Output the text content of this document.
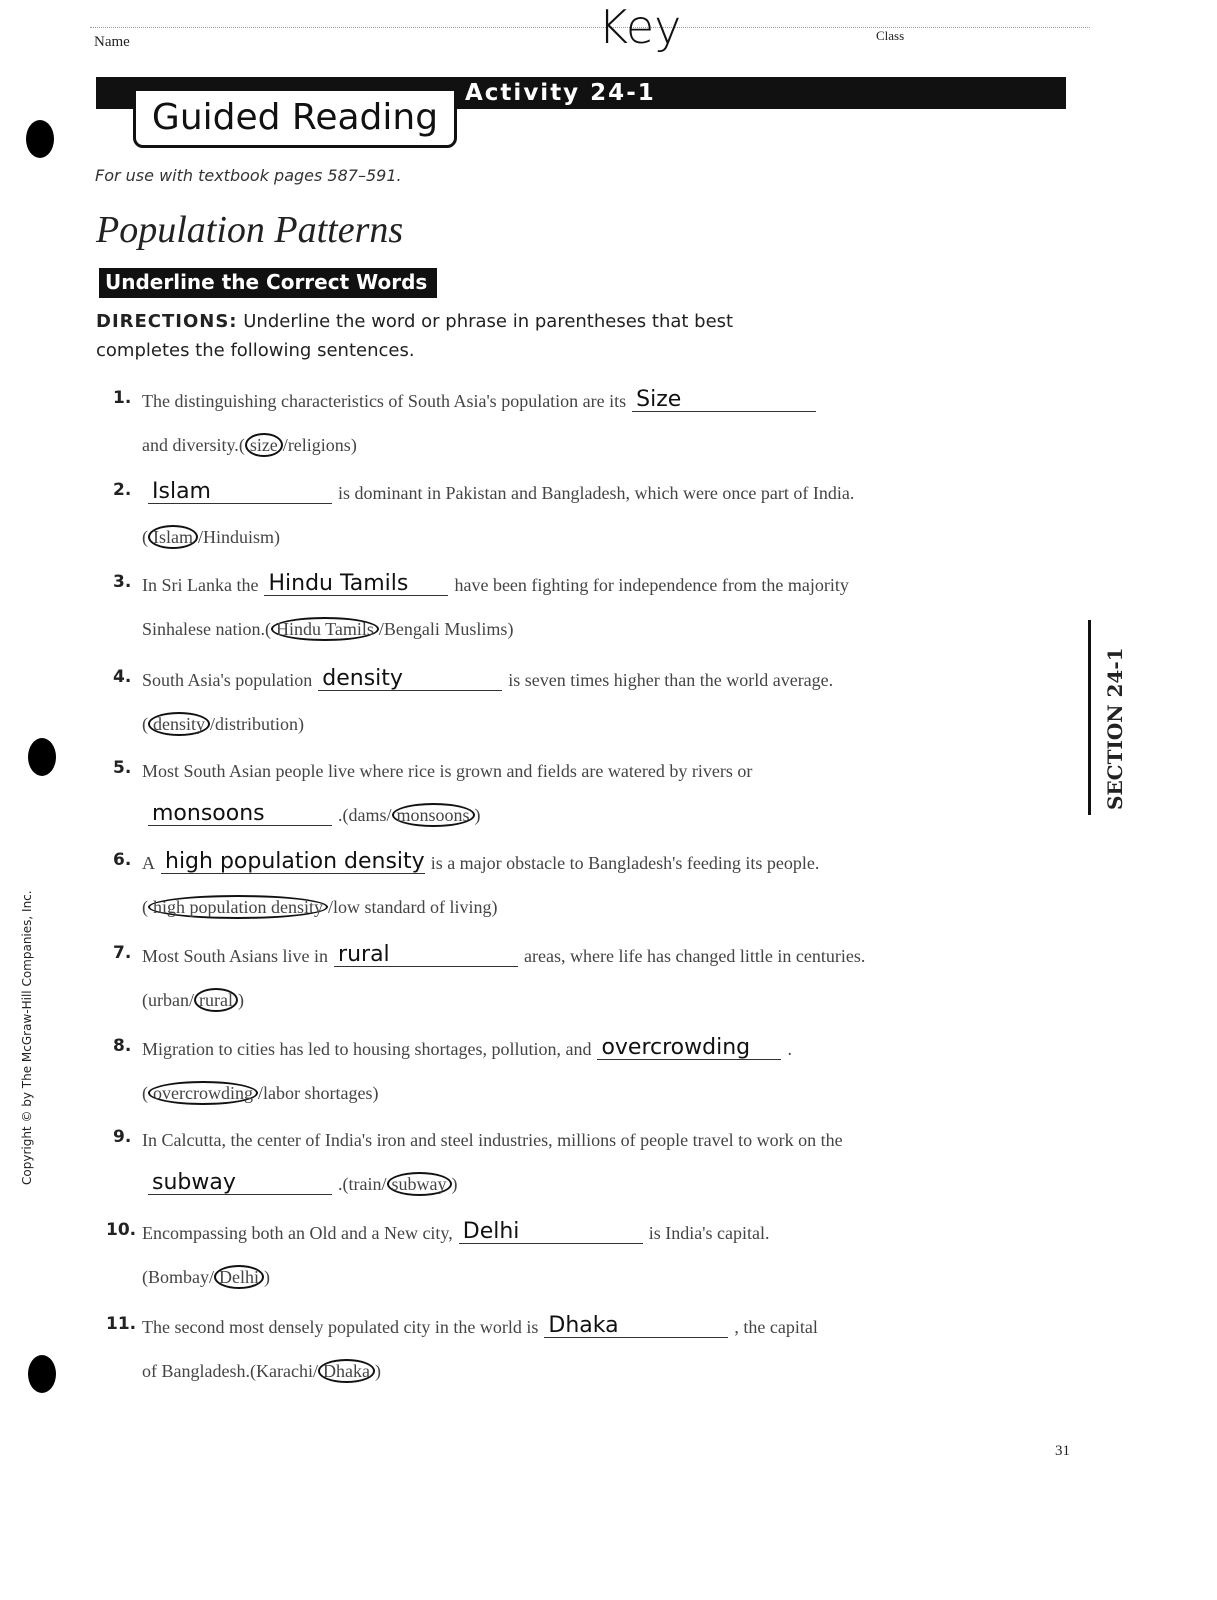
Name	Key	Class
Guided Reading
Activity 24-1
For use with textbook pages 587–591.
Population Patterns
Underline the Correct Words
DIRECTIONS: Underline the word or phrase in parentheses that best completes the following sentences.
SECTION 24-1
Copyright © by The McGraw-Hill Companies, Inc.
31
1. The distinguishing characteristics of South Asia's population are its Size
and diversity. ( size /religions)
2. Islam	is dominant in Pakistan and Bangladesh, which were once part of India.
( Islam /Hinduism)
3. In Sri Lanka the Hindu Tamils	have been fighting for independence from the majority
Sinhalese nation. ( Hindu Tamils /Bengali Muslims)
4. South Asia's population density	is seven times higher than the world average.
( density /distribution)
5. Most South Asian people live where rice is grown and fields are watered by rivers or
monsoons	. (dams/ monsoons )
6. A high population density is a major obstacle to Bangladesh's feeding its people.
( high population density /low standard of living)
7. Most South Asians live in rural	areas, where life has changed little in centuries.
(urban/ rural )
8. Migration to cities has led to housing shortages, pollution, and overcrowding	.
( overcrowding /labor shortages)
9. In Calcutta, the center of India's iron and steel industries, millions of people travel to work on the
subway	. (train/ subway )
10. Encompassing both an Old and a New city, Delhi	is India's capital.
(Bombay/ Delhi )
11. The second most densely populated city in the world is Dhaka	, the capital
of Bangladesh. (Karachi/ Dhaka )
